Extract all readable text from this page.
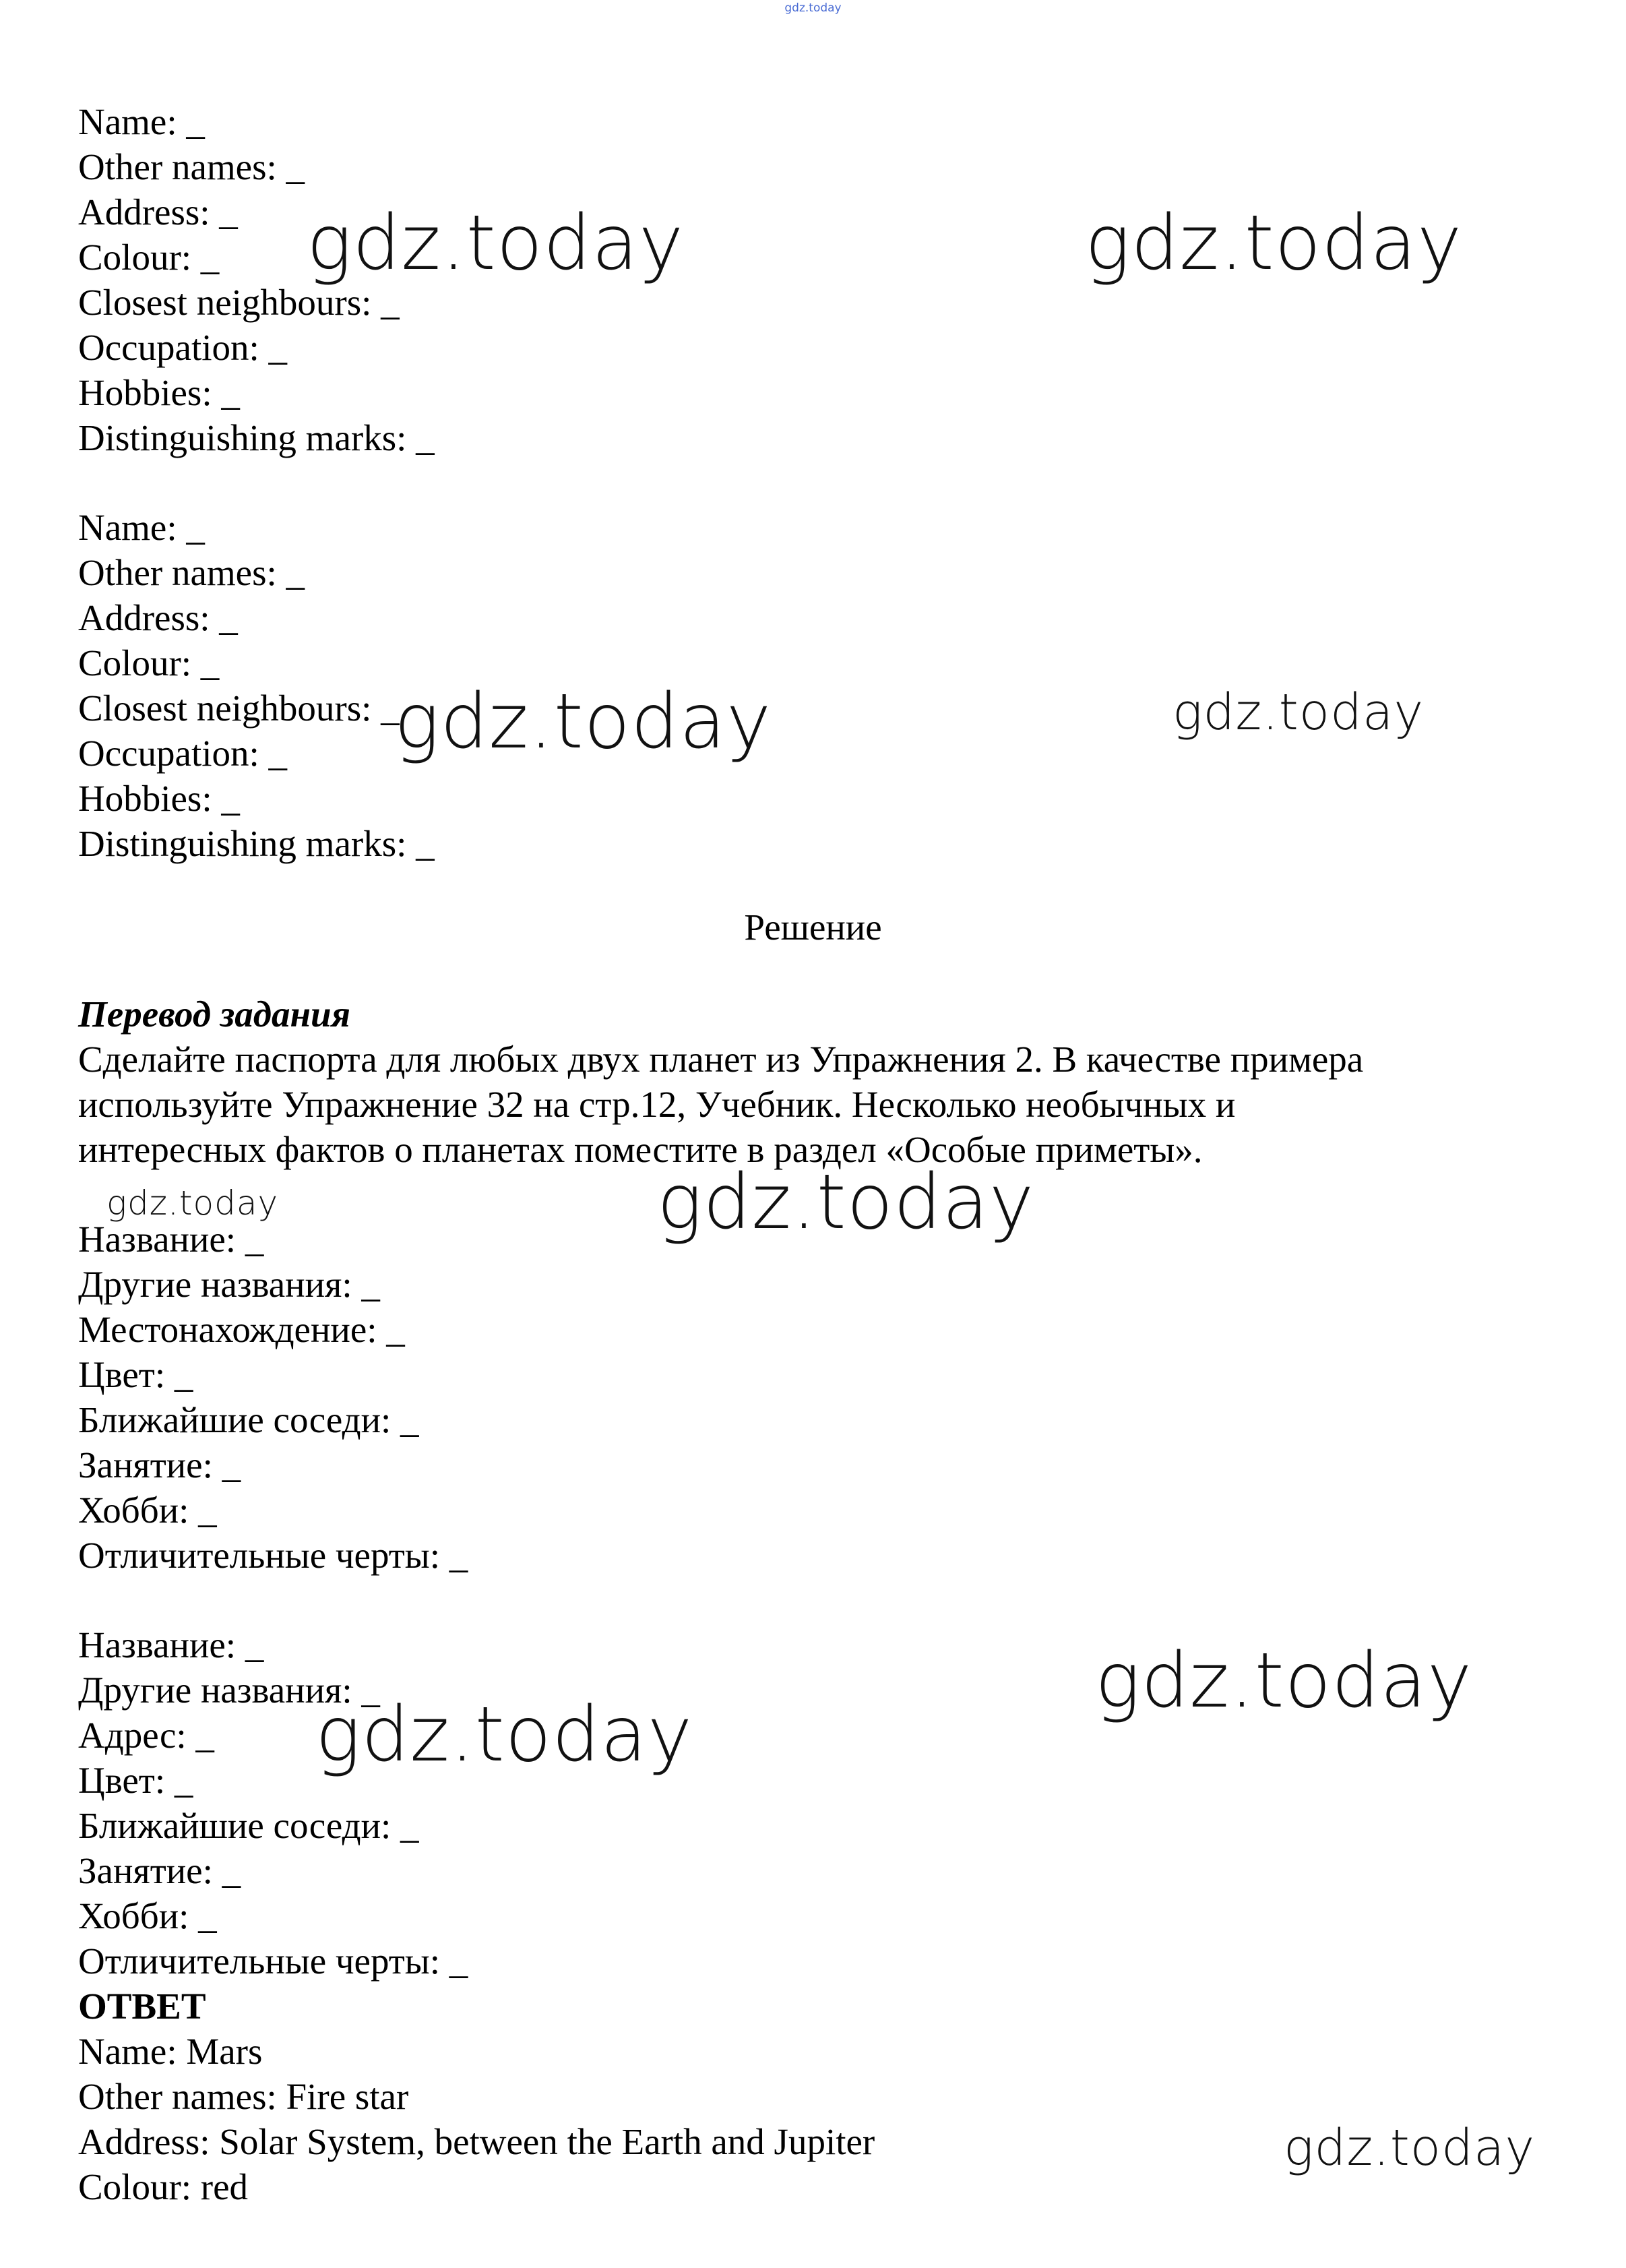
gdz.today
Name: _
Other names: _
Address: _
Colour: _
Closest neighbours: _
Occupation: _
Hobbies: _
Distinguishing marks: _
Name: _
Other names: _
Address: _
Colour: _
Closest neighbours: _
Occupation: _
Hobbies: _
Distinguishing marks: _
Решение
Перевод задания
Сделайте паспорта для любых двух планет из Упражнения 2. В качестве примера
используйте Упражнение 32 на стр.12, Учебник. Несколько необычных и
интересных фактов о планетах поместите в раздел «Особые приметы».
Название: _
Другие названия: _
Местонахождение: _
Цвет: _
Ближайшие соседи: _
Занятие: _
Хобби: _
Отличительные черты: _
Название: _
Другие названия: _
Адрес: _
Цвет: _
Ближайшие соседи: _
Занятие: _
Хобби: _
Отличительные черты: _
ОТВЕТ
Name: Mars
Other names: Fire star
Address: Solar System, between the Earth and Jupiter
Colour: red
gdz.today	gdz.today
gdz.today	gdz.today
gdz.today	gdz.today
gdz.today
gdz.today
gdz.today
